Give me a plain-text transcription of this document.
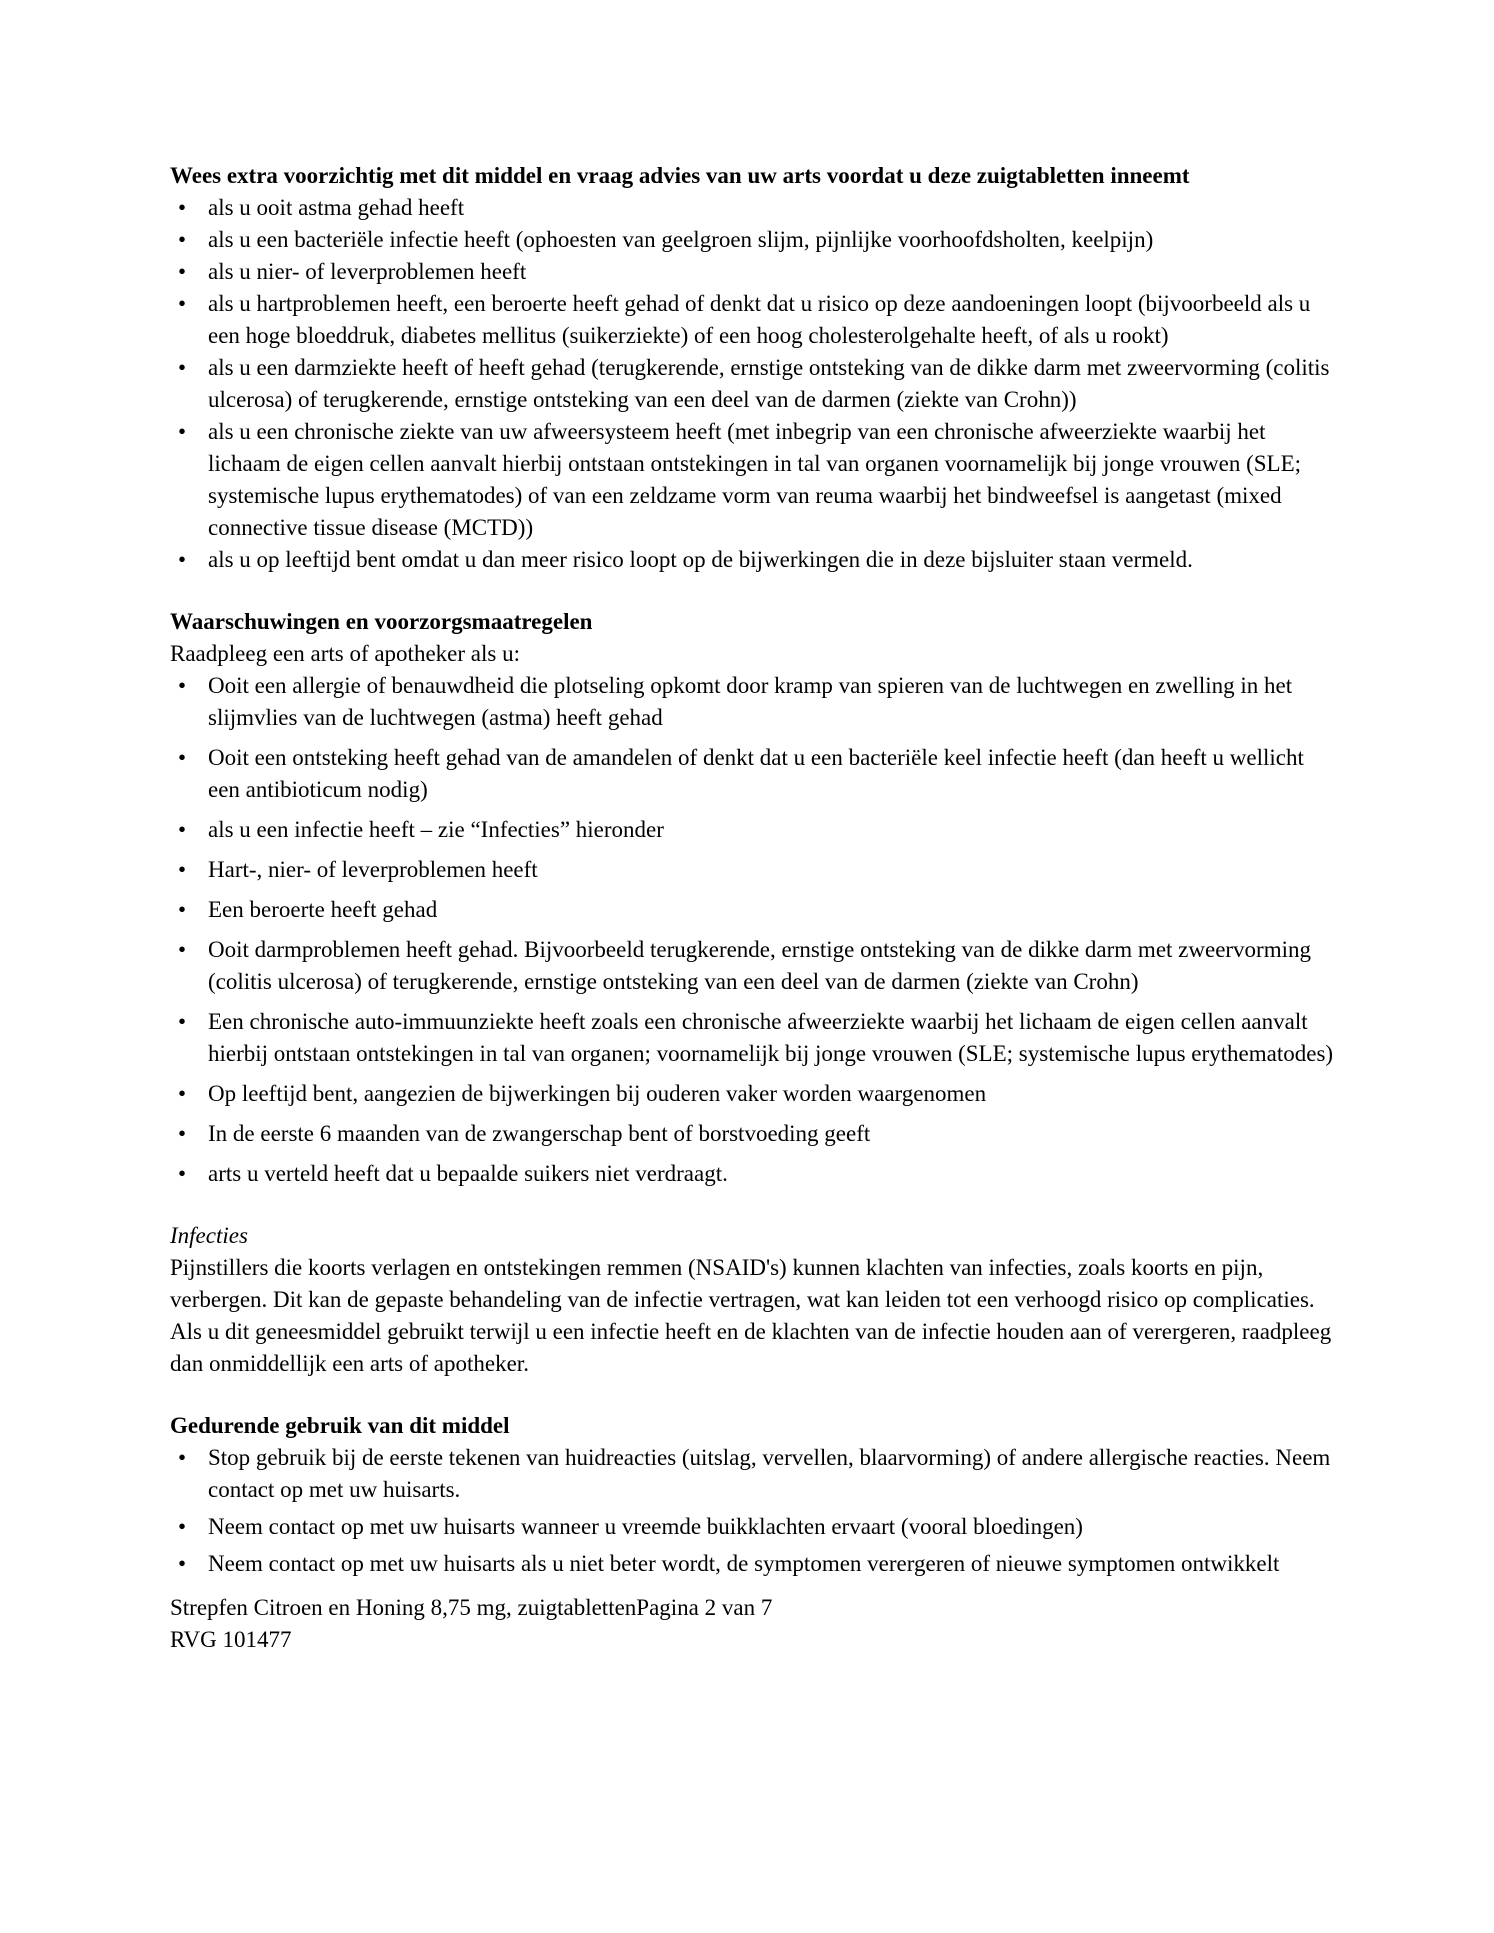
Wees extra voorzichtig met dit middel en vraag advies van uw arts voordat u deze zuigtabletten inneemt
• als u ooit astma gehad heeft
• als u een bacteriële infectie heeft (ophoesten van geelgroen slijm, pijnlijke voorhoofdsholten, keelpijn)
• als u nier- of leverproblemen heeft
• als u hartproblemen heeft, een beroerte heeft gehad of denkt dat u risico op deze aandoeningen loopt (bijvoorbeeld als u een hoge bloeddruk, diabetes mellitus (suikerziekte) of een hoog cholesterolgehalte heeft, of als u rookt)
• als u een darmziekte heeft of heeft gehad (terugkerende, ernstige ontsteking van de dikke darm met zweervorming (colitis ulcerosa) of terugkerende, ernstige ontsteking van een deel van de darmen (ziekte van Crohn))
• als u een chronische ziekte van uw afweersysteem heeft (met inbegrip van een chronische afweerziekte waarbij het lichaam de eigen cellen aanvalt hierbij ontstaan ontstekingen in tal van organen voornamelijk bij jonge vrouwen (SLE; systemische lupus erythematodes) of van een zeldzame vorm van reuma waarbij het bindweefsel is aangetast (mixed connective tissue disease (MCTD))
• als u op leeftijd bent omdat u dan meer risico loopt op de bijwerkingen die in deze bijsluiter staan vermeld.
Waarschuwingen en voorzorgsmaatregelen

Raadpleeg een arts of apotheker als u:

• Ooit een allergie of benauwdheid die plotseling opkomt door kramp van spieren van de luchtwegen en zwelling in het slijmvlies van de luchtwegen (astma) heeft gehad
• Ooit een ontsteking heeft gehad van de amandelen of denkt dat u een bacteriële keel infectie heeft (dan heeft u wellicht een antibioticum nodig)
• als u een infectie heeft – zie “Infecties” hieronder
• Hart-, nier- of leverproblemen heeft
• Een beroerte heeft gehad
• Ooit darmproblemen heeft gehad. Bijvoorbeeld terugkerende, ernstige ontsteking van de dikke darm met zweervorming (colitis ulcerosa) of terugkerende, ernstige ontsteking van een deel van de darmen (ziekte van Crohn)
• Een chronische auto-immuunziekte heeft zoals een chronische afweerziekte waarbij het lichaam de eigen cellen aanvalt hierbij ontstaan ontstekingen in tal van organen; voornamelijk bij jonge vrouwen (SLE; systemische lupus erythematodes)
• Op leeftijd bent, aangezien de bijwerkingen bij ouderen vaker worden waargenomen
• In de eerste 6 maanden van de zwangerschap bent of borstvoeding geeft
• arts u verteld heeft dat u bepaalde suikers niet verdraagt.
Infecties

Pijnstillers die koorts verlagen en ontstekingen remmen (NSAID's) kunnen klachten van infecties, zoals koorts en pijn, verbergen. Dit kan de gepaste behandeling van de infectie vertragen, wat kan leiden tot een verhoogd risico op complicaties. Als u dit geneesmiddel gebruikt terwijl u een infectie heeft en de klachten van de infectie houden aan of verergeren, raadpleeg dan onmiddellijk een arts of apotheker.

Gedurende gebruik van dit middel
• Stop gebruik bij de eerste tekenen van huidreacties (uitslag, vervellen, blaarvorming) of andere allergische reacties. Neem contact op met uw huisarts.
• Neem contact op met uw huisarts wanneer u vreemde buikklachten ervaart (vooral bloedingen)
• Neem contact op met uw huisarts als u niet beter wordt, de symptomen verergeren of nieuwe symptomen ontwikkelt
Strepfen Citroen en Honing 8,75 mg, zuigtablettenPagina 2 van 7
RVG 101477
